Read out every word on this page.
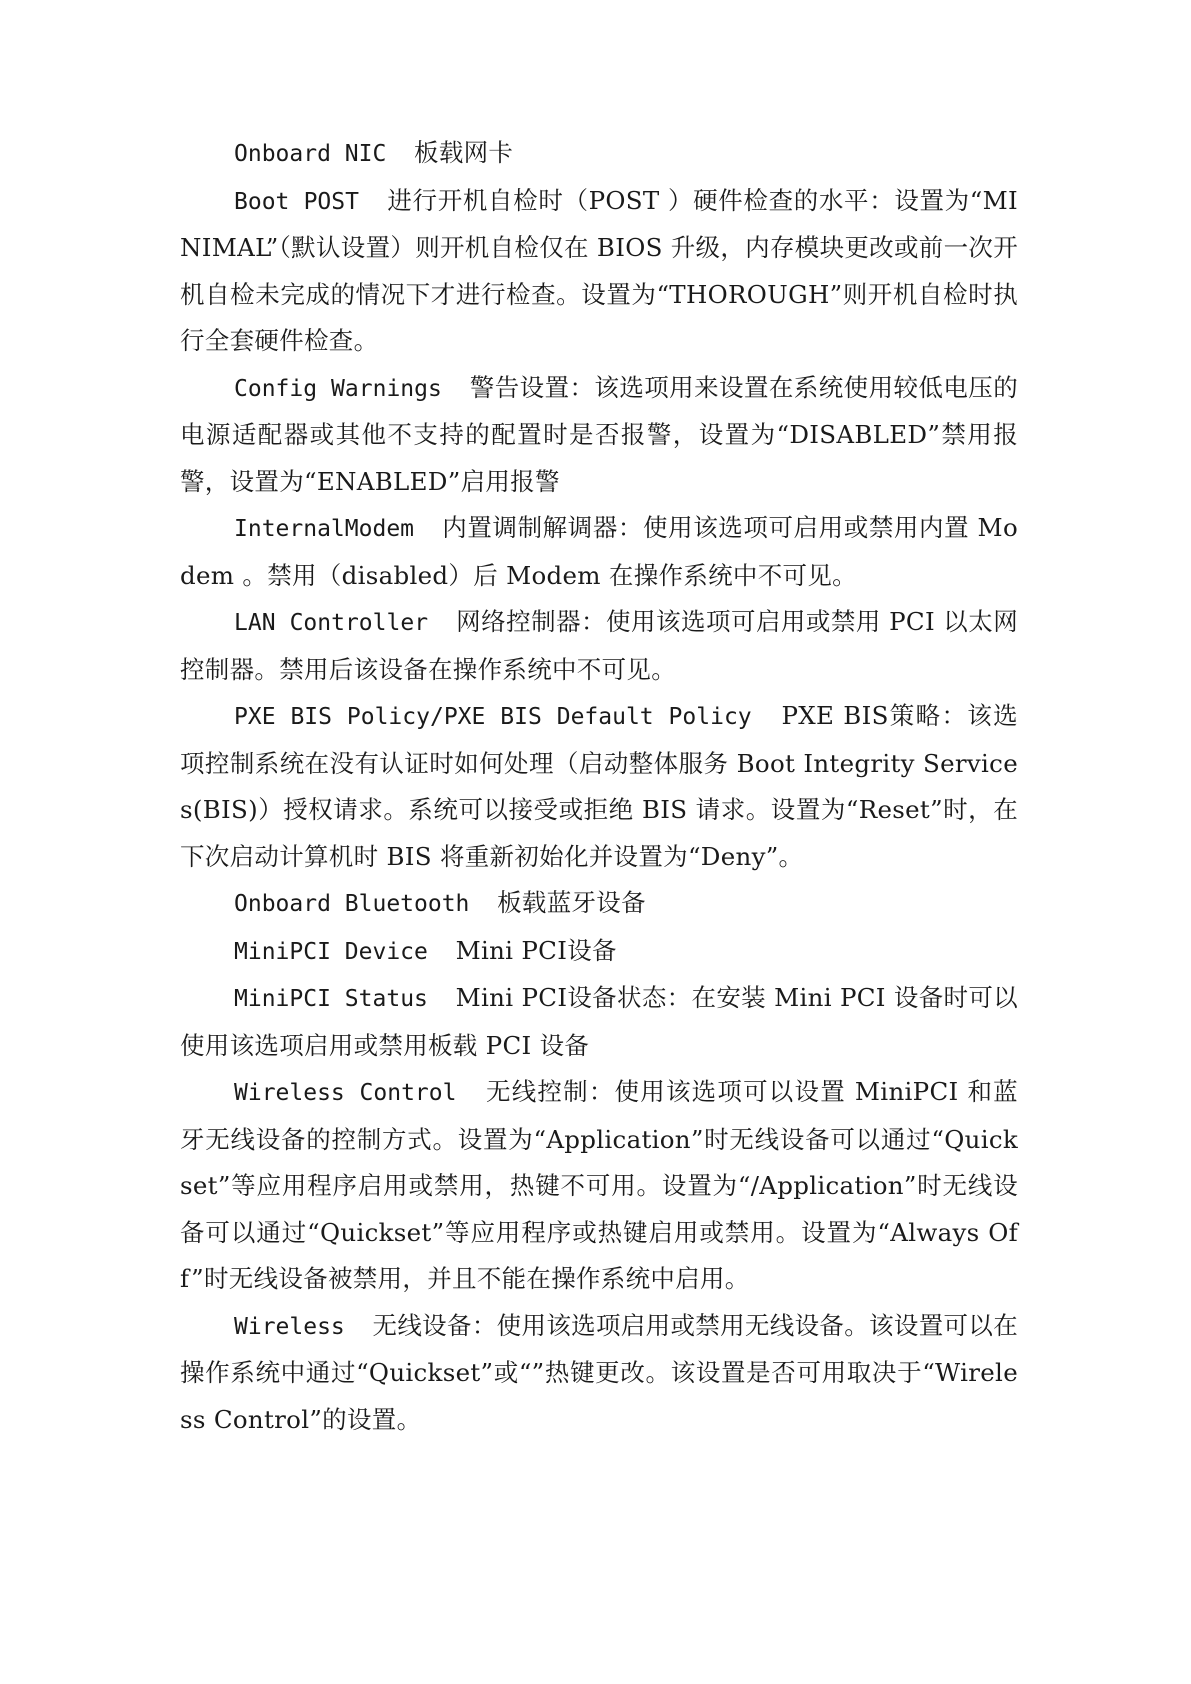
Onboard NIC 板载网卡

Boot POST 进行开机自检时（POST ）硬件检查的水平：设置为“MINIMAL”（默认设置）则开机自检仅在 BIOS 升级，内存模块更改或前一次开机自检未完成的情况下才进行检查。设置为“THOROUGH”则开机自检时执行全套硬件检查。

Config Warnings 警告设置：该选项用来设置在系统使用较低电压的电源适配器或其他不支持的配置时是否报警，设置为“DISABLED”禁用报警，设置为“ENABLED”启用报警

InternalModem 内置调制解调器：使用该选项可启用或禁用内置 Modem 。禁用（disabled）后 Modem 在操作系统中不可见。

LAN Controller 网络控制器：使用该选项可启用或禁用 PCI 以太网控制器。禁用后该设备在操作系统中不可见。

PXE BIS Policy/PXE BIS Default Policy PXE BIS策略：该选项控制系统在没有认证时如何处理（启动整体服务 Boot Integrity Services(BIS)）授权请求。系统可以接受或拒绝 BIS 请求。设置为“Reset”时，在下次启动计算机时 BIS 将重新初始化并设置为“Deny”。

Onboard Bluetooth 板载蓝牙设备

MiniPCI Device Mini PCI设备

MiniPCI Status Mini PCI设备状态：在安装 Mini PCI 设备时可以使用该选项启用或禁用板载 PCI 设备

Wireless Control 无线控制：使用该选项可以设置 MiniPCI 和蓝牙无线设备的控制方式。设置为“Application”时无线设备可以通过“Quickset”等应用程序启用或禁用，热键不可用。设置为“/Application”时无线设备可以通过“Quickset”等应用程序或热键启用或禁用。设置为“Always Off”时无线设备被禁用，并且不能在操作系统中启用。

Wireless 无线设备：使用该选项启用或禁用无线设备。该设置可以在操作系统中通过“Quickset”或“”热键更改。该设置是否可用取决于“Wireless Control”的设置。
